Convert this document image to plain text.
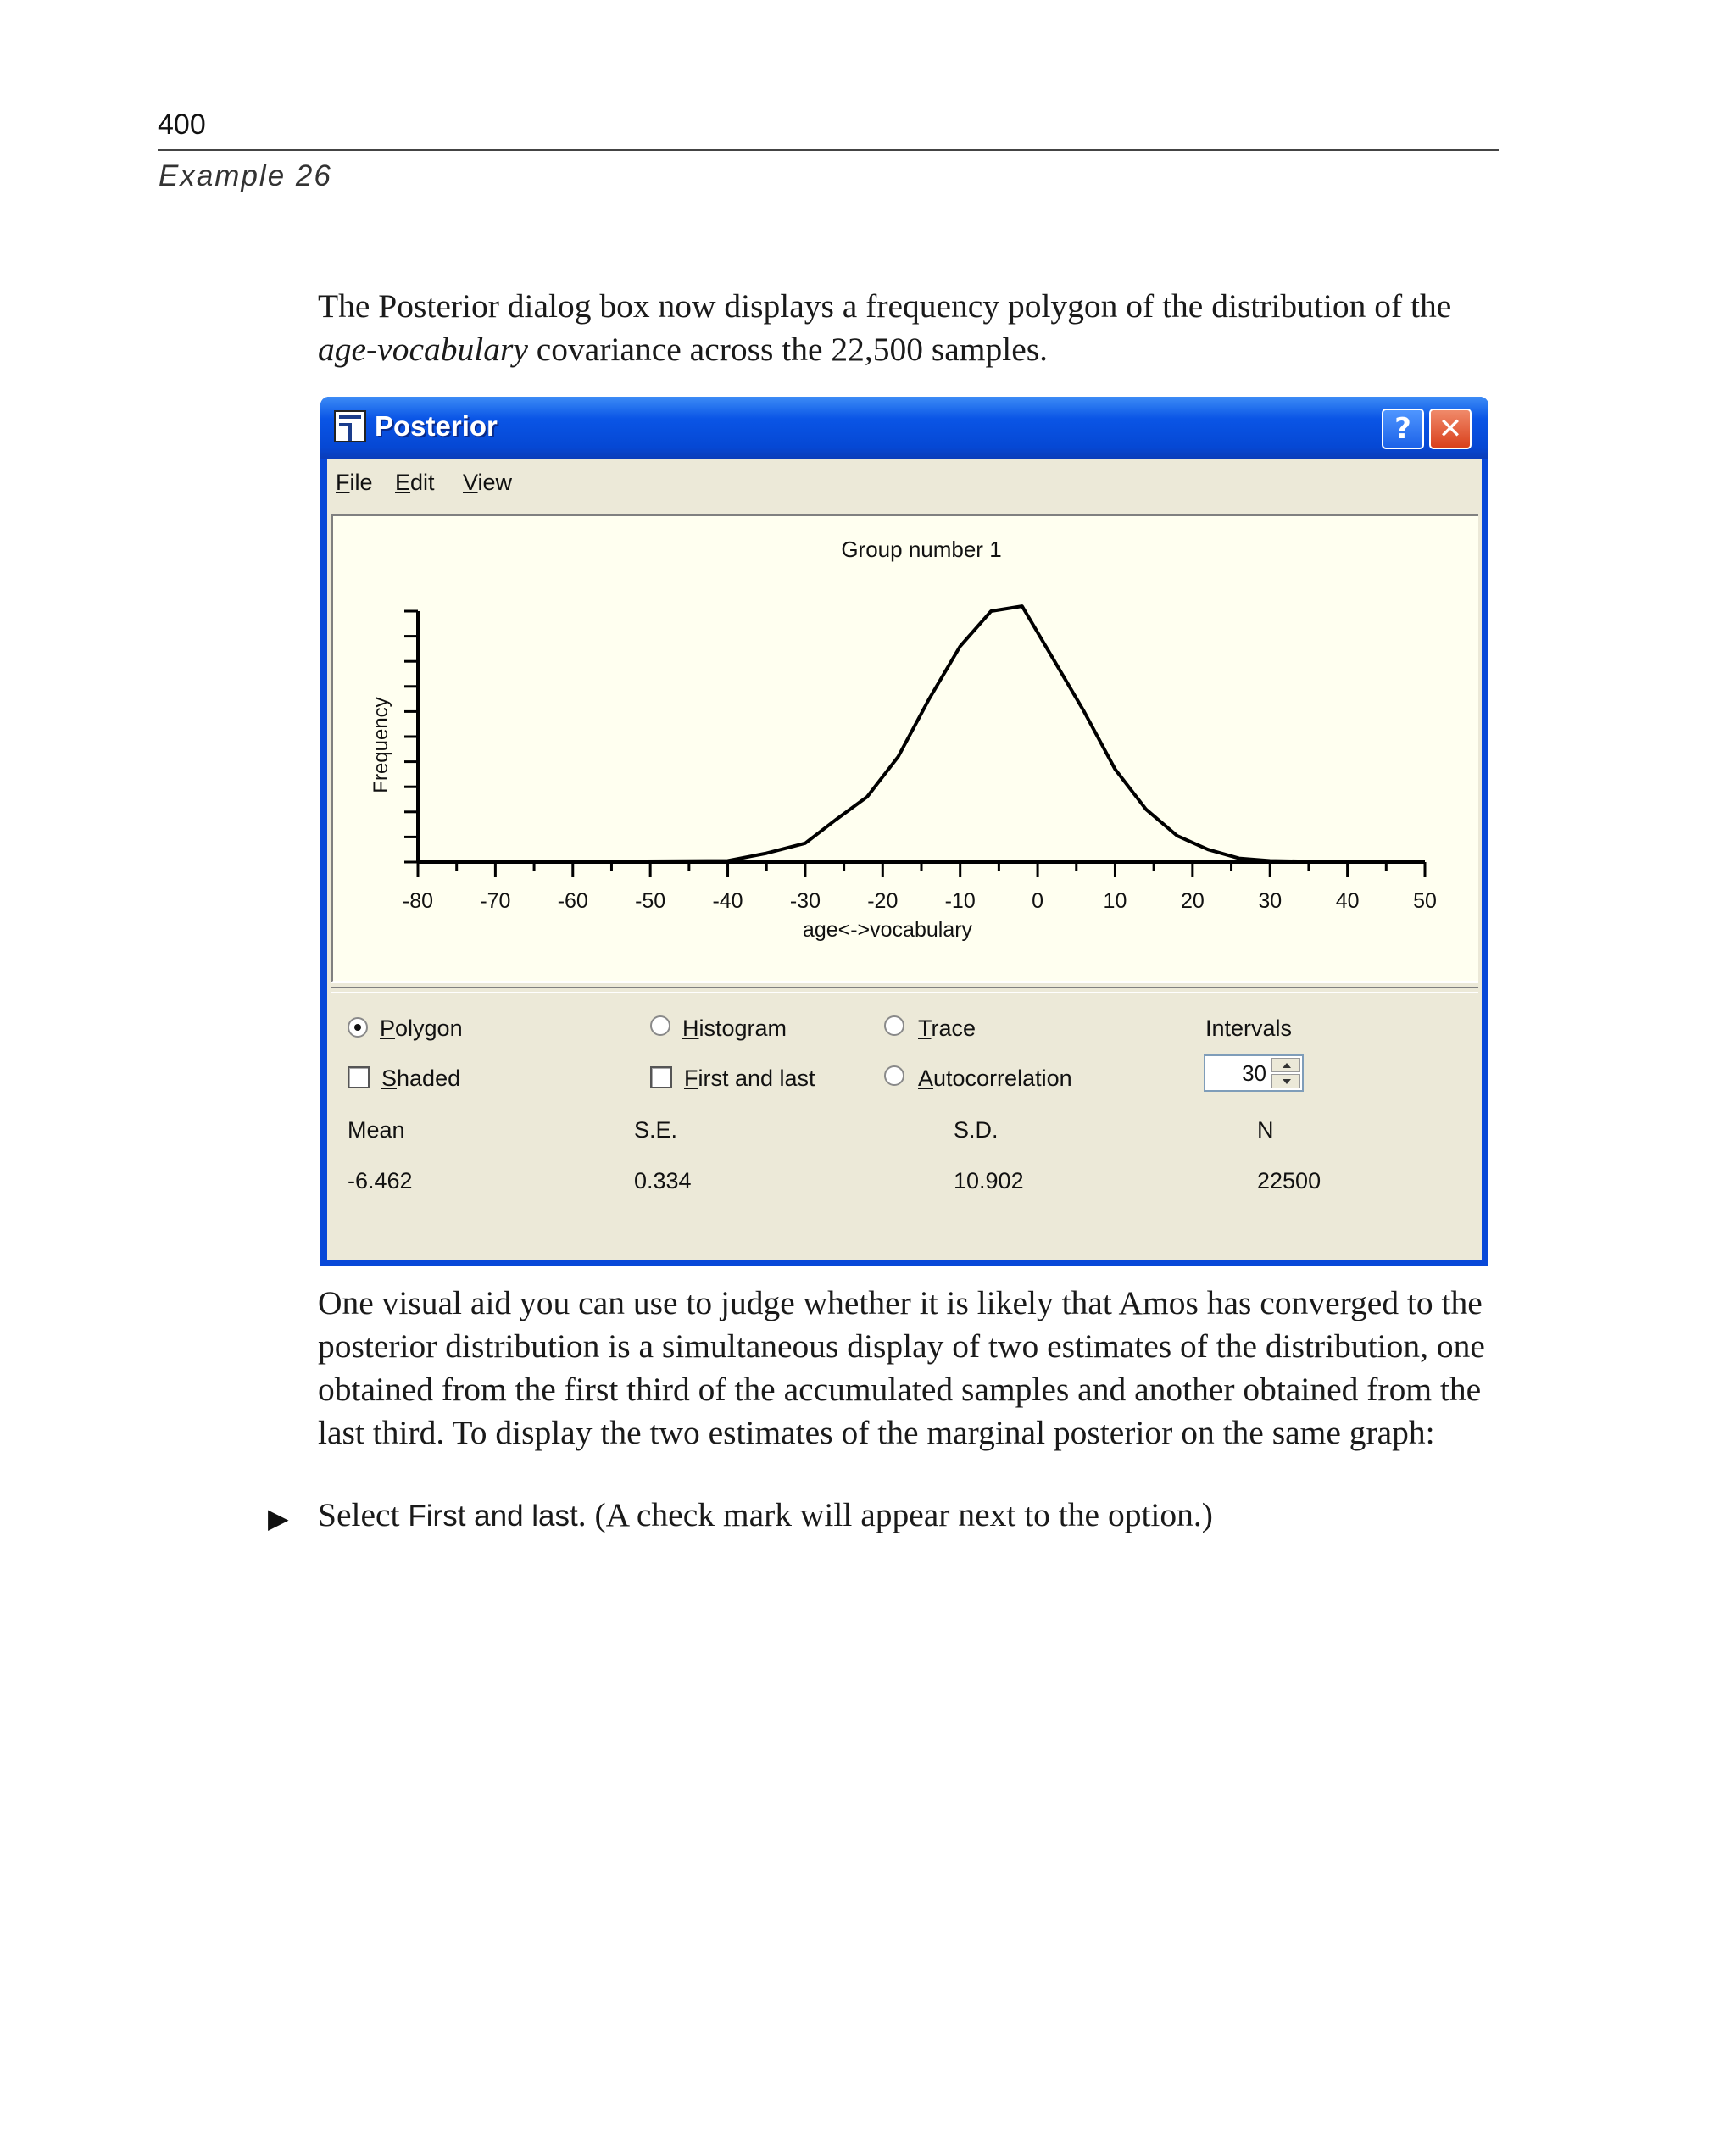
400
Example 26
The Posterior dialog box now displays a frequency polygon of the distribution of the age-vocabulary covariance across the 22,500 samples.
Posterior	? ✕
File Edit View
Group number 1
-80 -70 -60 -50 -40 -30 -20 -10	0	10	20	30	40	50
age<->vocabulary
Frequency
Polygon
Shaded
Histogram
First and last
Trace
Autocorrelation
Intervals
30
Mean	S.E.	S.D.	N
-6.462	0.334	10.902	22500
One visual aid you can use to judge whether it is likely that Amos has converged to the posterior distribution is a simultaneous display of two estimates of the distribution, one obtained from the first third of the accumulated samples and another obtained from the last third. To display the two estimates of the marginal posterior on the same graph:
▶ Select First and last. (A check mark will appear next to the option.)
